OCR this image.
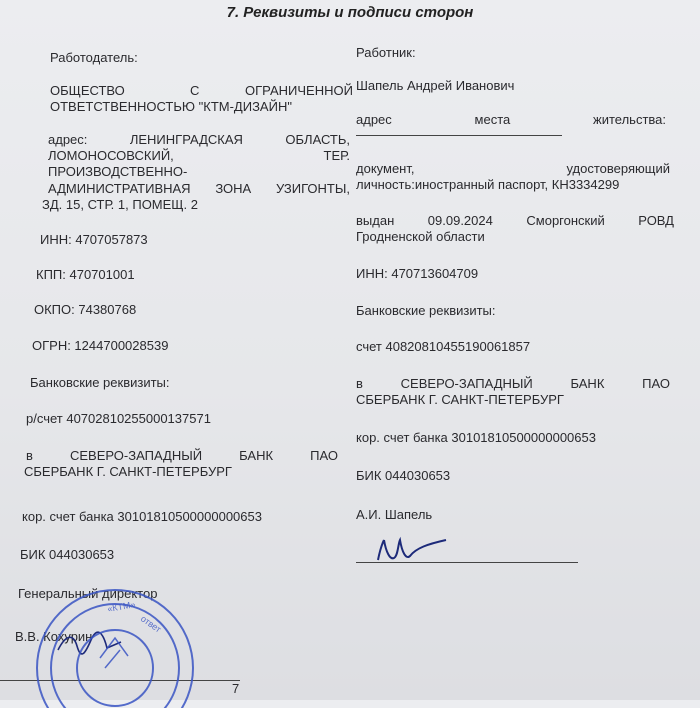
7. Реквизиты и подписи сторон
Работодатель:
ОБЩЕСТВО	С	ОГРАНИЧЕННОЙ
ОТВЕТСТВЕННОСТЬЮ "КТМ-ДИЗАЙН"
адрес: ЛЕНИНГРАДСКАЯ ОБЛАСТЬ,
ЛОМОНОСОВСКИЙ, ТЕР.
ПРОИЗВОДСТВЕННО-
АДМИНИСТРАТИВНАЯ ЗОНА УЗИГОНТЫ,
ЗД. 15, СТР. 1, ПОМЕЩ. 2
ИНН: 4707057873
КПП: 470701001
ОКПО: 74380768
ОГРН: 1244700028539
Банковские реквизиты:
р/счет 40702810255000137571
в СЕВЕРО-ЗАПАДНЫЙ БАНК ПАО
СБЕРБАНК Г. САНКТ-ПЕТЕРБУРГ
кор. счет банка 30101810500000000653
БИК 044030653
Генеральный директор
В.В. Кохурин
«КТМ»
ответ
Работник:
Шапель Андрей Иванович
адрес места жительства:
документ, удостоверяющий
личность:иностранный паспорт, КН3334299
выдан 09.09.2024 Сморгонский РОВД
Гродненской области
ИНН: 470713604709
Банковские реквизиты:
счет 40820810455190061857
в СЕВЕРО-ЗАПАДНЫЙ БАНК ПАО
СБЕРБАНК Г. САНКТ-ПЕТЕРБУРГ
кор. счет банка 30101810500000000653
БИК 044030653
А.И. Шапель
7
